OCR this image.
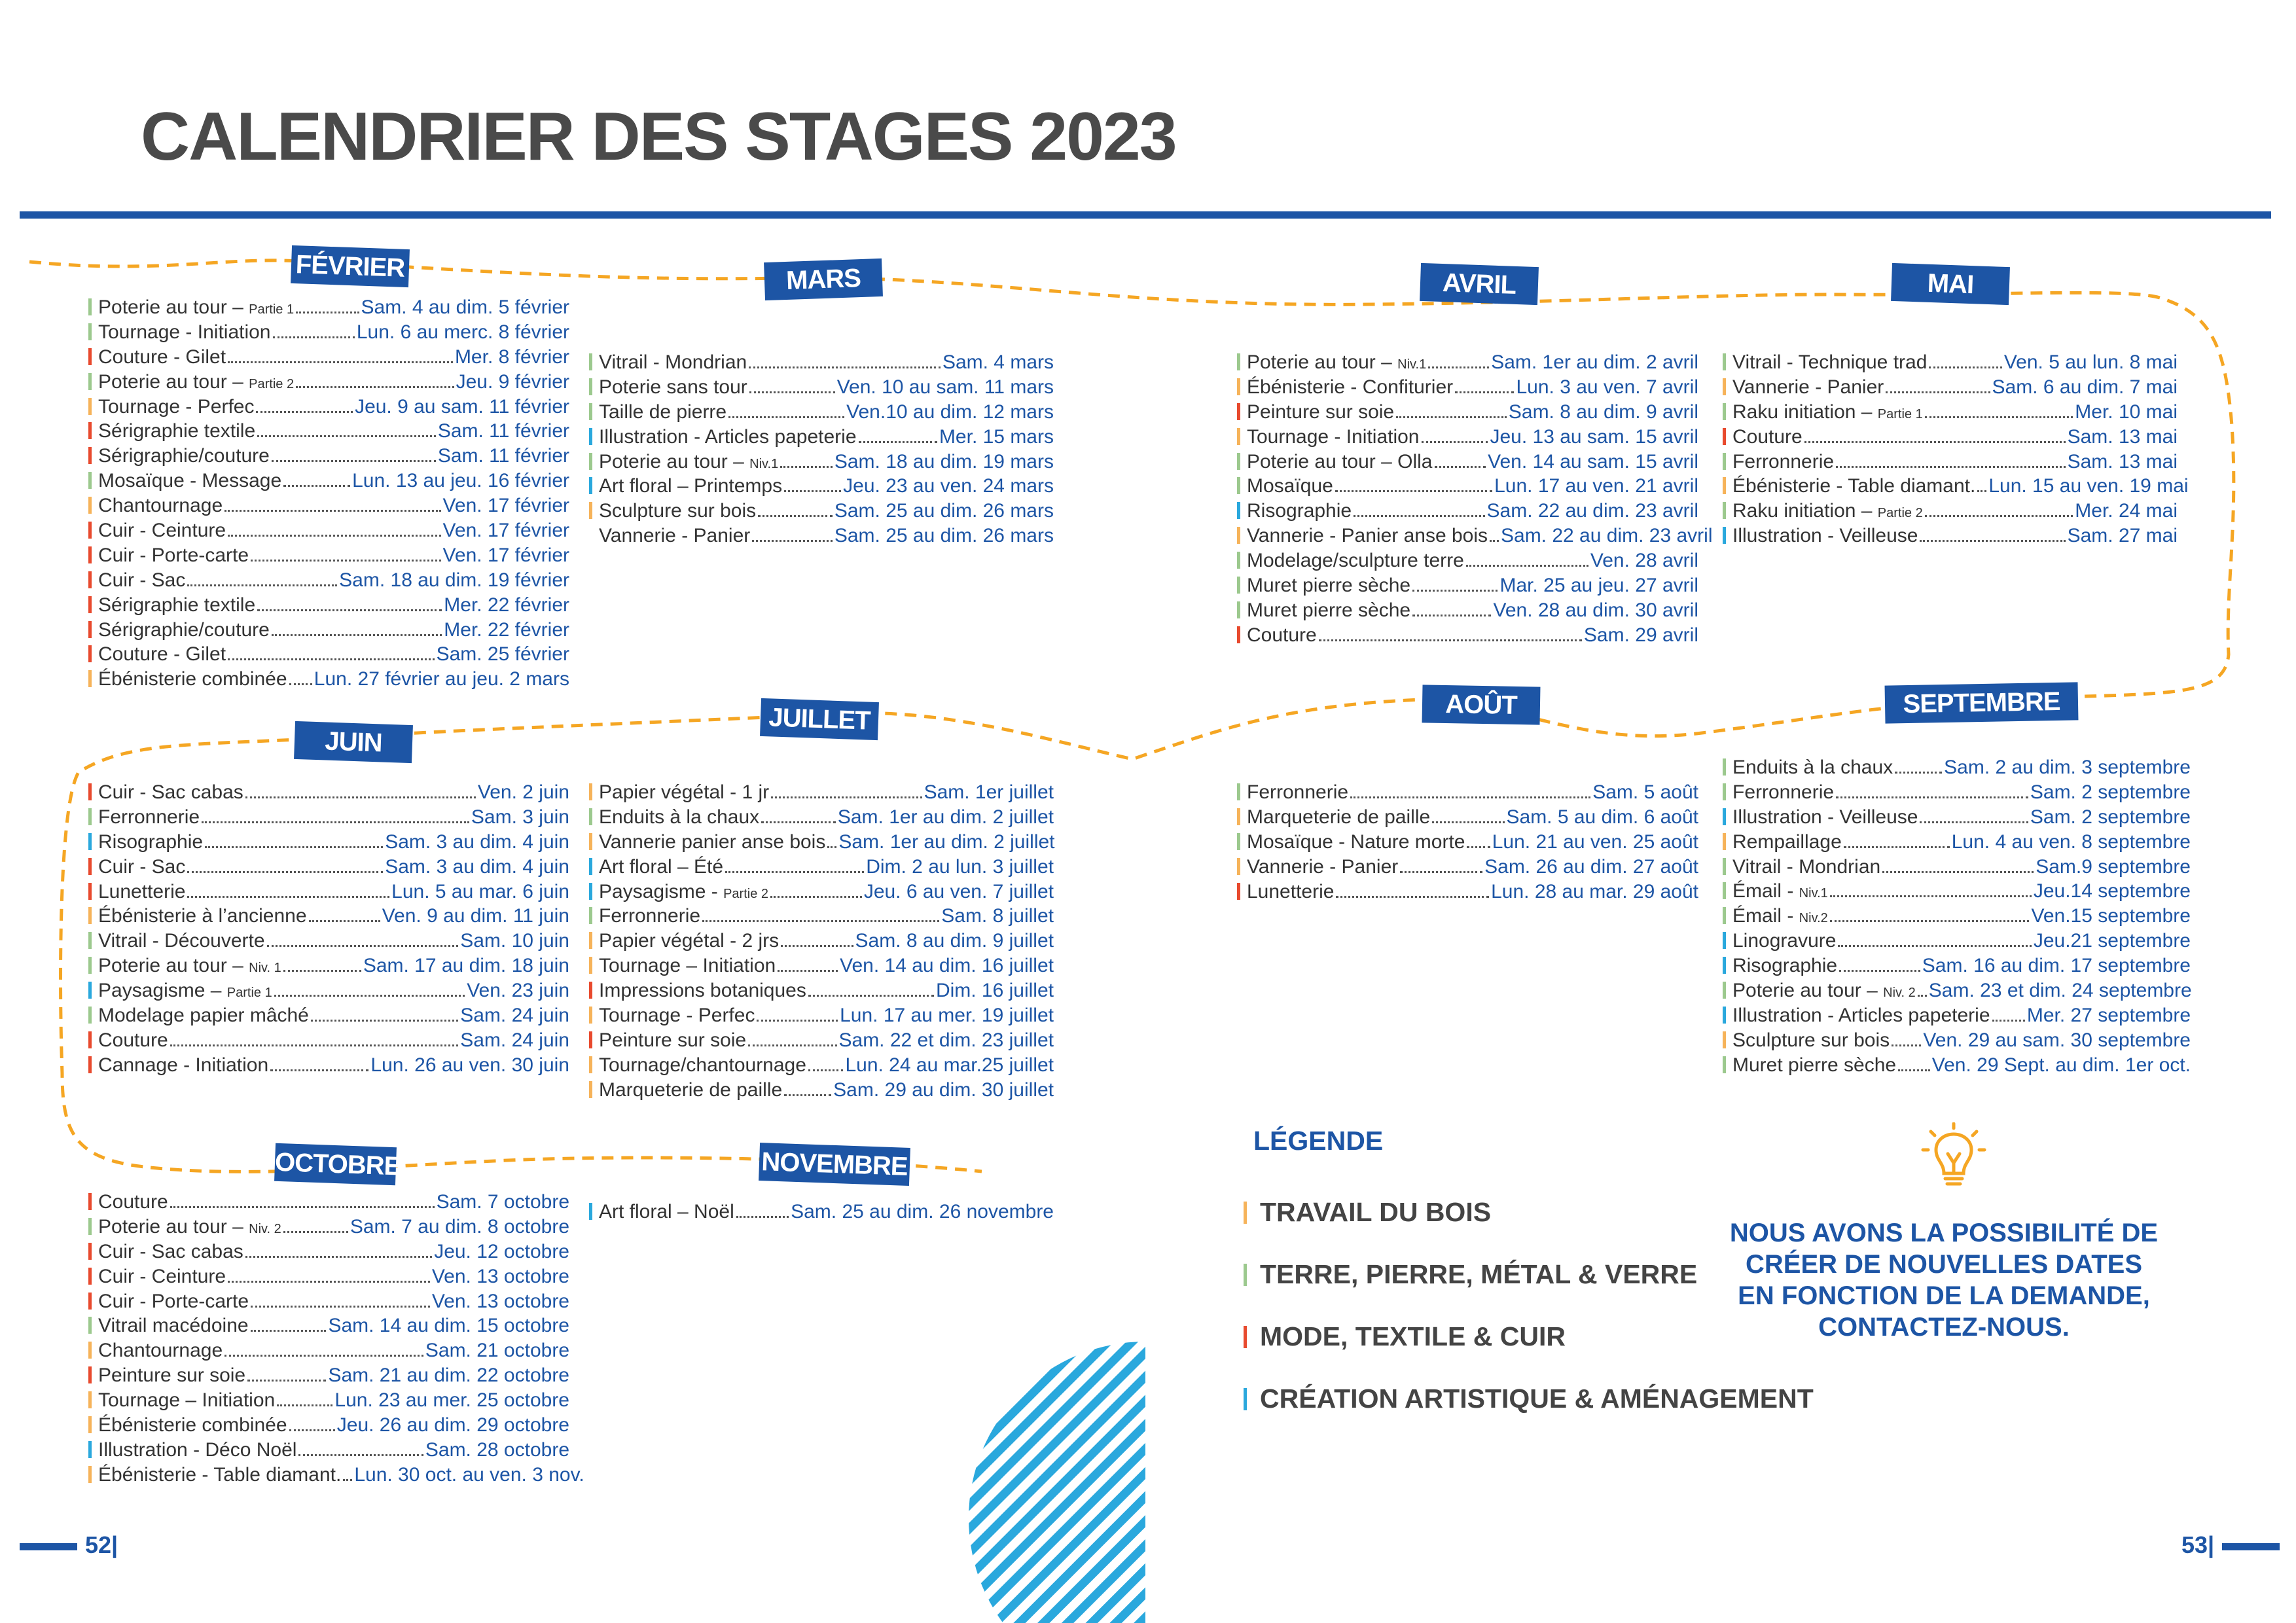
CALENDRIER DES STAGES 2023
FÉVRIER	MARS	AVRIL	MAI
JUIN
JUILLET	AOÛT	SEPTEMBRE
OCTOBRE	NOVEMBRE
Poterie au tour – Partie 1	Sam. 4 au dim. 5 février
Tournage - Initiation	Lun. 6 au merc. 8 février
Couture - Gilet	Mer. 8 février
Poterie au tour – Partie 2	Jeu. 9 février
Tournage - Perfec	Jeu. 9 au sam. 11 février
Sérigraphie textile	Sam. 11 février
Sérigraphie/couture	Sam. 11 février
Mosaïque - Message	Lun. 13 au jeu. 16 février
Chantournage	Ven. 17 février
Cuir - Ceinture	Ven. 17 février
Cuir - Porte-carte	Ven. 17 février
Cuir - Sac	Sam. 18 au dim. 19 février
Sérigraphie textile	Mer. 22 février
Sérigraphie/couture	Mer. 22 février
Couture - Gilet	Sam. 25 février
Ébénisterie combinée Lun. 27 février au jeu. 2 mars
Vitrail - Mondrian	Sam. 4 mars
Poterie sans tour	Ven. 10 au sam. 11 mars
Taille de pierre	Ven.10 au dim. 12 mars
Illustration - Articles papeterie	Mer. 15 mars
Poterie au tour – Niv.1	Sam. 18 au dim. 19 mars
Art floral – Printemps	Jeu. 23 au ven. 24 mars
Sculpture sur bois	Sam. 25 au dim. 26 mars
Vannerie - Panier	Sam. 25 au dim. 26 mars
Poterie au tour – Niv.1	Sam. 1er au dim. 2 avril
Ébénisterie - Confiturier	Lun. 3 au ven. 7 avril
Peinture sur soie	Sam. 8 au dim. 9 avril
Tournage - Initiation	Jeu. 13 au sam. 15 avril
Poterie au tour – Olla	Ven. 14 au sam. 15 avril
Mosaïque	Lun. 17 au ven. 21 avril
Risographie	Sam. 22 au dim. 23 avril
Vannerie - Panier anse bois Sam. 22 au dim. 23 avril
Modelage/sculpture terre	Ven. 28 avril
Muret pierre sèche	Mar. 25 au jeu. 27 avril
Muret pierre sèche	Ven. 28 au dim. 30 avril
Couture	Sam. 29 avril
Vitrail - Technique trad	Ven. 5 au lun. 8 mai
Vannerie - Panier	Sam. 6 au dim. 7 mai
Raku initiation – Partie 1	Mer. 10 mai
Couture	Sam. 13 mai
Ferronnerie	Sam. 13 mai
Ébénisterie - Table diamant. Lun. 15 au ven. 19 mai
Raku initiation – Partie 2	Mer. 24 mai
Illustration - Veilleuse	Sam. 27 mai
Cuir - Sac cabas	Ven. 2 juin
Ferronnerie	Sam. 3 juin
Risographie	Sam. 3 au dim. 4 juin
Cuir - Sac	Sam. 3 au dim. 4 juin
Lunetterie	Lun. 5 au mar. 6 juin
Ébénisterie à l’ancienne	Ven. 9 au dim. 11 juin
Vitrail - Découverte	Sam. 10 juin
Poterie au tour – Niv. 1	Sam. 17 au dim. 18 juin
Paysagisme – Partie 1	Ven. 23 juin
Modelage papier mâché	Sam. 24 juin
Couture	Sam. 24 juin
Cannage - Initiation	Lun. 26 au ven. 30 juin
Papier végétal - 1 jr	Sam. 1er juillet
Enduits à la chaux	Sam. 1er au dim. 2 juillet
Vannerie panier anse bois Sam. 1er au dim. 2 juillet
Art floral – Été	Dim. 2 au lun. 3 juillet
Paysagisme - Partie 2	Jeu. 6 au ven. 7 juillet
Ferronnerie	Sam. 8 juillet
Papier végétal - 2 jrs	Sam. 8 au dim. 9 juillet
Tournage – Initiation	Ven. 14 au dim. 16 juillet
Impressions botaniques	Dim. 16 juillet
Tournage - Perfec	Lun. 17 au mer. 19 juillet
Peinture sur soie	Sam. 22 et dim. 23 juillet
Tournage/chantournage Lun. 24 au mar.25 juillet
Marqueterie de paille	Sam. 29 au dim. 30 juillet
Ferronnerie	Sam. 5 août
Marqueterie de paille	Sam. 5 au dim. 6 août
Mosaïque - Nature morte Lun. 21 au ven. 25 août
Vannerie - Panier	Sam. 26 au dim. 27 août
Lunetterie	Lun. 28 au mar. 29 août
Enduits à la chaux	Sam. 2 au dim. 3 septembre
Ferronnerie	Sam. 2 septembre
Illustration - Veilleuse	Sam. 2 septembre
Rempaillage	Lun. 4 au ven. 8 septembre
Vitrail - Mondrian	Sam.9 septembre
Émail - Niv.1	Jeu.14 septembre
Émail - Niv.2	Ven.15 septembre
Linogravure	Jeu.21 septembre
Risographie	Sam. 16 au dim. 17 septembre
Poterie au tour – Niv. 2 Sam. 23 et dim. 24 septembre
Illustration - Articles papeterie Mer. 27 septembre
Sculpture sur bois Ven. 29 au sam. 30 septembre
Muret pierre sèche Ven. 29 Sept. au dim. 1er oct.
Couture	Sam. 7 octobre
Poterie au tour – Niv. 2	Sam. 7 au dim. 8 octobre
Cuir - Sac cabas	Jeu. 12 octobre
Cuir - Ceinture	Ven. 13 octobre
Cuir - Porte-carte	Ven. 13 octobre
Vitrail macédoine	Sam. 14 au dim. 15 octobre
Chantournage	Sam. 21 octobre
Peinture sur soie	Sam. 21 au dim. 22 octobre
Tournage – Initiation	Lun. 23 au mer. 25 octobre
Ébénisterie combinée	Jeu. 26 au dim. 29 octobre
Illustration - Déco Noël	Sam. 28 octobre
Ébénisterie - Table diamant. Lun. 30 oct. au ven. 3 nov.
Art floral – Noël	Sam. 25 au dim. 26 novembre
LÉGENDE
TRAVAIL DU BOIS
TERRE, PIERRE, MÉTAL & VERRE
MODE, TEXTILE & CUIR
CRÉATION ARTISTIQUE & AMÉNAGEMENT
NOUS AVONS LA POSSIBILITÉ DE CRÉER DE NOUVELLES DATES EN FONCTION DE LA DEMANDE, CONTACTEZ-NOUS.
52|	53|
